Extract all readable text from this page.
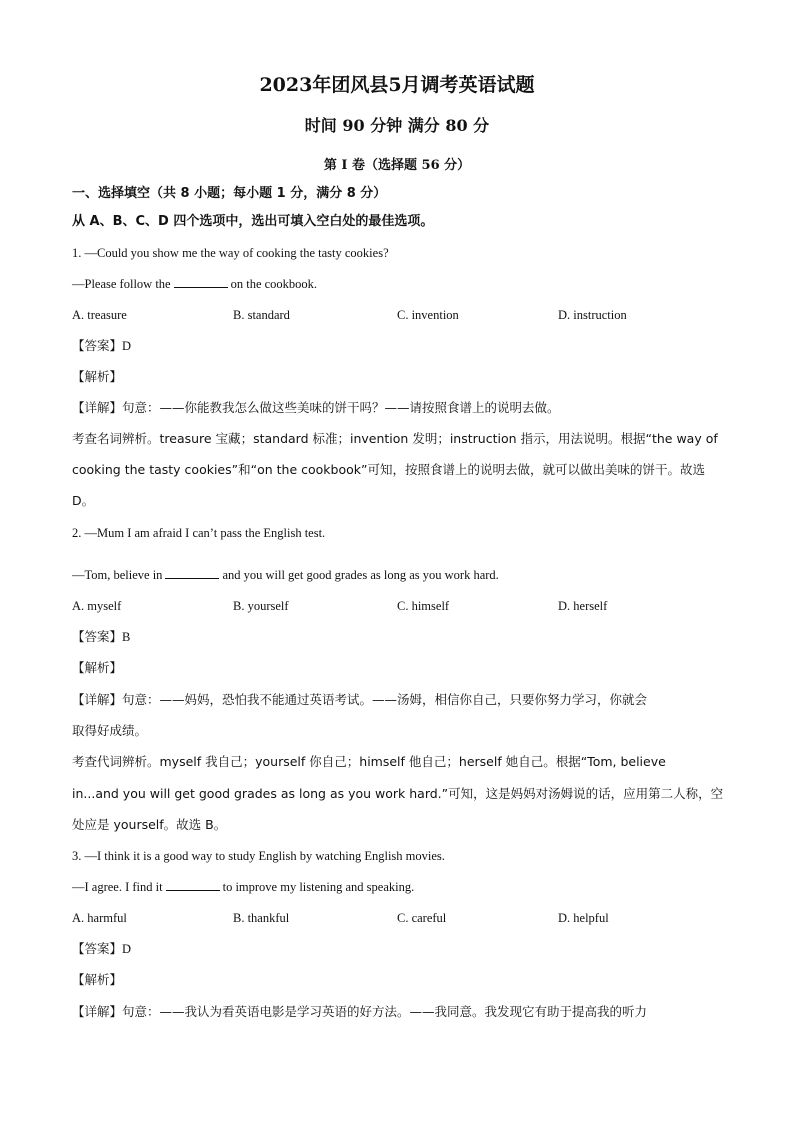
2023年团风县5月调考英语试题
时间 90 分钟 满分 80 分
第 I 卷（选择题 56 分）
一、选择填空（共 8 小题；每小题 1 分，满分 8 分）
从 A、B、C、D 四个选项中，选出可填入空白处的最佳选项。
1. —Could you show me the way of cooking the tasty cookies?
—Please follow the	on the cookbook.
A. treasure	B. standard	C. invention	D. instruction
【答案】D
【解析】
【详解】句意：——你能教我怎么做这些美味的饼干吗？——请按照食谱上的说明去做。
考查名词辨析。treasure 宝藏；standard 标准；invention 发明；instruction 指示，用法说明。根据“the way of
cooking the tasty cookies”和“on the cookbook”可知，按照食谱上的说明去做，就可以做出美味的饼干。故选
D。
2. —Mum I am afraid I can’t pass the English test.
—Tom, believe in	and you will get good grades as long as you work hard.
A. myself	B. yourself	C. himself	D. herself
【答案】B
【解析】
【详解】句意：——妈妈，恐怕我不能通过英语考试。——汤姆，相信你自己，只要你努力学习，你就会
取得好成绩。
考查代词辨析。myself 我自己；yourself 你自己；himself 他自己；herself 她自己。根据“Tom, believe
in...and you will get good grades as long as you work hard.”可知，这是妈妈对汤姆说的话，应用第二人称，空
处应是 yourself。故选 B。
3. —I think it is a good way to study English by watching English movies.
—I agree. I find it	to improve my listening and speaking.
A. harmful	B. thankful	C. careful	D. helpful
【答案】D
【解析】
【详解】句意：——我认为看英语电影是学习英语的好方法。——我同意。我发现它有助于提高我的听力
